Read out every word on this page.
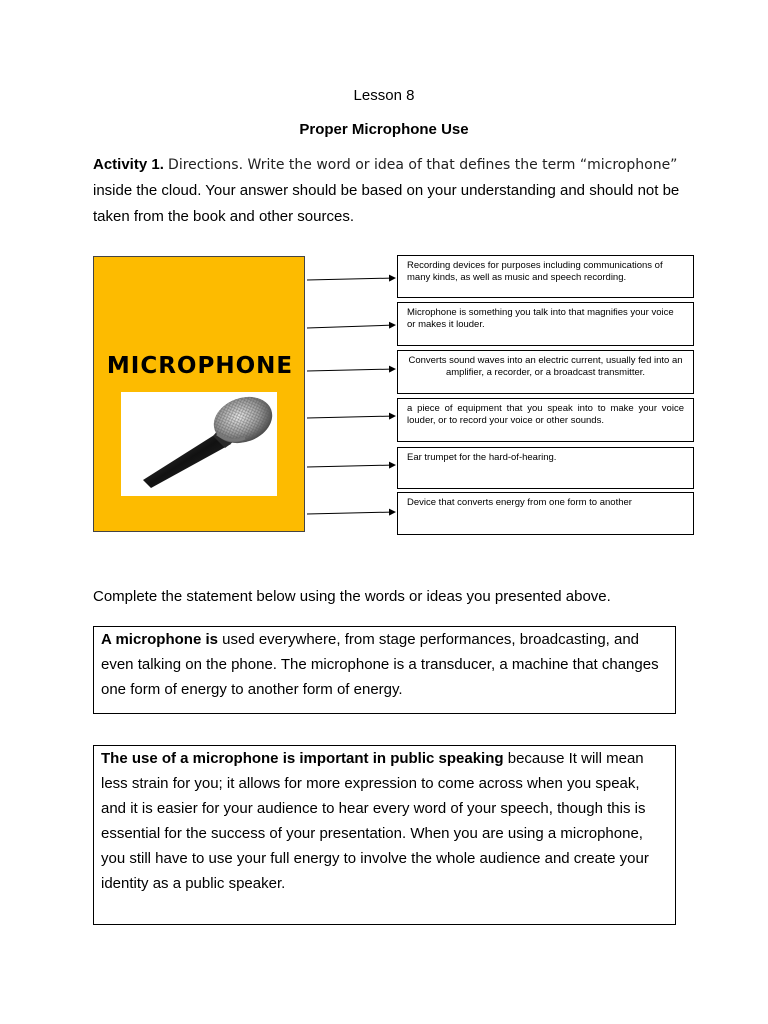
Lesson 8
Proper Microphone Use
Activity 1. Directions. Write the word or idea of that defines the term “microphone” inside the cloud. Your answer should be based on your understanding and should not be taken from the book and other sources.
MICROPHONE
Recording devices for purposes including communications of many kinds, as well as music and speech recording.
Microphone is something you talk into that magnifies your voice or makes it louder.
Converts sound waves into an electric current, usually fed into an amplifier, a recorder, or a broadcast transmitter.
a piece of equipment that you speak into to make your voice louder, or to record your voice or other sounds.
Ear trumpet for the hard-of-hearing.
Device that converts energy from one form to another
Complete the statement below using the words or ideas you presented above.
A microphone is used everywhere, from stage performances, broadcasting, and even talking on the phone. The microphone is a transducer, a machine that changes one form of energy to another form of energy.
The use of a microphone is important in public speaking because It will mean less strain for you; it allows for more expression to come across when you speak, and it is easier for your audience to hear every word of your speech, though this is essential for the success of your presentation. When you are using a microphone, you still have to use your full energy to involve the whole audience and create your identity as a public speaker.
